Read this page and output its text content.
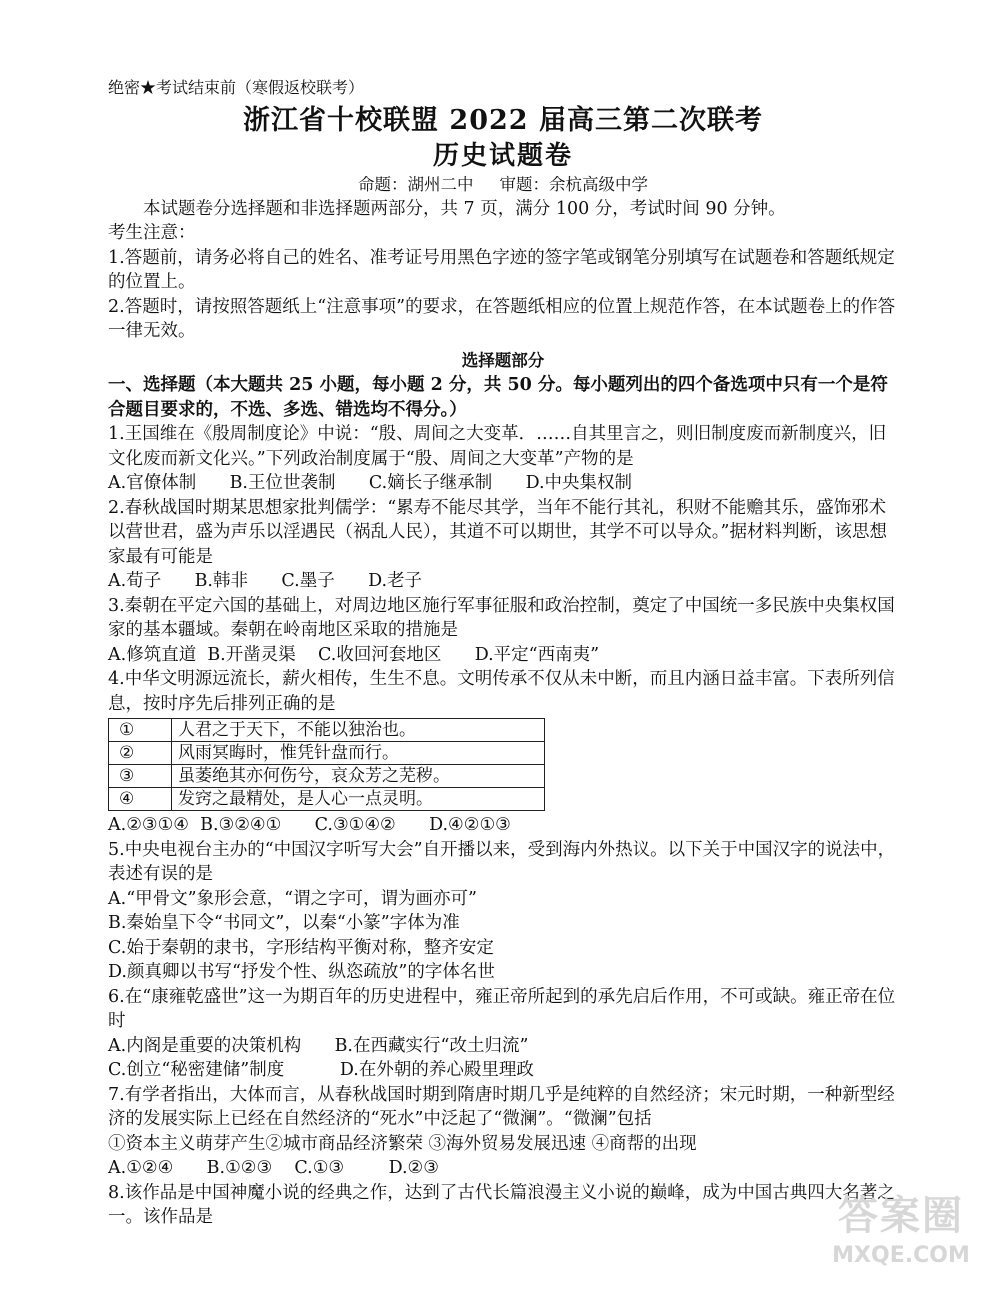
绝密★考试结束前（寒假返校联考）

浙江省十校联盟 2022 届高三第二次联考

历史试题卷

命题：湖州二中 审题：余杭高级中学

本试题卷分选择题和非选择题两部分，共 7 页，满分 100 分，考试时间 90 分钟。

考生注意：

1.答题前，请务必将自己的姓名、准考证号用黑色字迹的签字笔或钢笔分别填写在试题卷和答题纸规定的位置上。

2.答题时，请按照答题纸上“注意事项”的要求，在答题纸相应的位置上规范作答，在本试题卷上的作答一律无效。

选择题部分

一、选择题（本大题共 25 小题，每小题 2 分，共 50 分。每小题列出的四个备选项中只有一个是符合题目要求的，不选、多选、错选均不得分。）

1.王国维在《殷周制度论》中说：“殷、周间之大变革．……自其里言之，则旧制度废而新制度兴，旧文化废而新文化兴。”下列政治制度属于“殷、周间之大变革”产物的是

A.官僚体制      B.王位世袭制      C.嫡长子继承制      D.中央集权制

2.春秋战国时期某思想家批判儒学：“累寿不能尽其学，当年不能行其礼，积财不能赡其乐，盛饰邪术以营世君，盛为声乐以淫遇民（祸乱人民），其道不可以期世，其学不可以导众。”据材料判断，该思想家最有可能是

A.荀子      B.韩非      C.墨子      D.老子

3.秦朝在平定六国的基础上，对周边地区施行军事征服和政治控制，奠定了中国统一多民族中央集权国家的基本疆域。秦朝在岭南地区采取的措施是

A.修筑直道  B.开凿灵渠    C.收回河套地区      D.平定“西南夷”

4.中华文明源远流长，薪火相传，生生不息。文明传承不仅从未中断，而且内涵日益丰富。下表所列信息，按时序先后排列正确的是

①	人君之于天下，不能以独治也。
②	风雨冥晦时，惟凭针盘而行。
③	虽萎绝其亦何伤兮，哀众芳之芜秽。
④	发窍之最精处，是人心一点灵明。

A.②③①④  B.③②④①      C.③①④②      D.④②①③

5.中央电视台主办的“中国汉字听写大会”自开播以来，受到海内外热议。以下关于中国汉字的说法中，表述有误的是

A.“甲骨文”象形会意，“谓之字可，谓为画亦可”

B.秦始皇下令“书同文”，以秦“小篆”字体为准

C.始于秦朝的隶书，字形结构平衡对称，整齐安定

D.颜真卿以书写“抒发个性、纵恣疏放”的字体名世

6.在“康雍乾盛世”这一为期百年的历史进程中，雍正帝所起到的承先启后作用，不可或缺。雍正帝在位时

A.内阁是重要的决策机构      B.在西藏实行“改土归流”

C.创立“秘密建储”制度          D.在外朝的养心殿里理政

7.有学者指出，大体而言，从春秋战国时期到隋唐时期几乎是纯粹的自然经济；宋元时期，一种新型经济的发展实际上已经在自然经济的“死水”中泛起了“微澜”。“微澜”包括

①资本主义萌芽产生②城市商品经济繁荣 ③海外贸易发展迅速 ④商帮的出现

A.①②④      B.①②③    C.①③        D.②③

8.该作品是中国神魔小说的经典之作，达到了古代长篇浪漫主义小说的巅峰，成为中国古典四大名著之一。该作品是	答案圈
MXQE.COM
